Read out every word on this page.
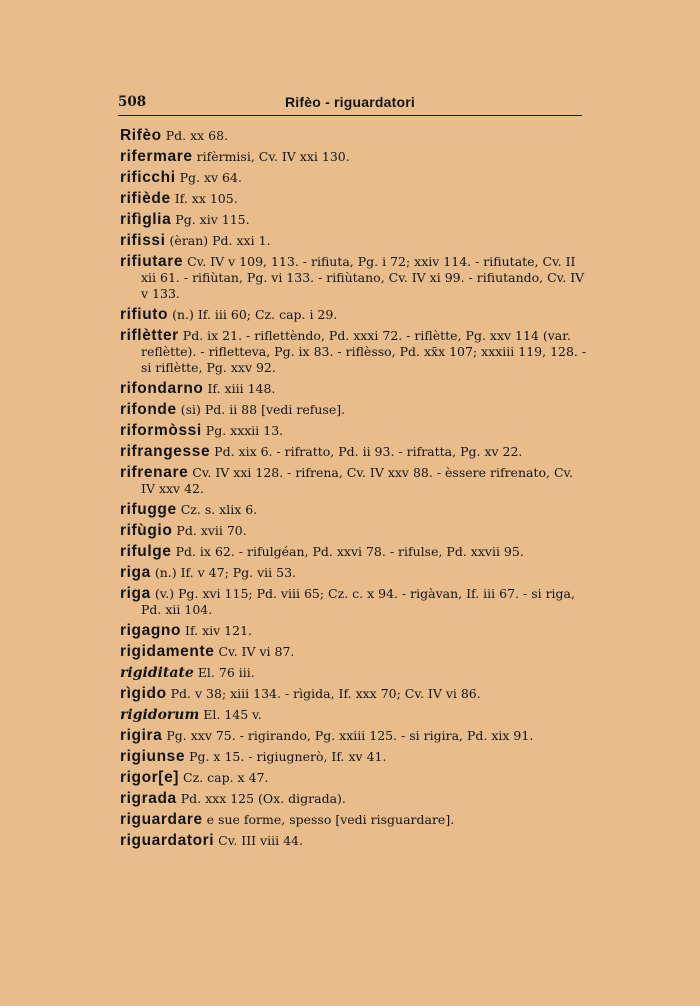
508	Rifèo - riguardatori
Rifèo Pd. xx 68.
rifermare rifèrmisi, Cv. IV xxi 130.
rificchi Pg. xv 64.
rifiède If. xx 105.
rifìglia Pg. xiv 115.
rifissi (èran) Pd. xxi 1.
rifiutare Cv. IV v 109, 113. - rifiuta, Pg. i 72; xxiv 114. - rifiutate, Cv. II xii 61. - rifiùtan, Pg. vi 133. - rifiùtano, Cv. IV xi 99. - rifiutando, Cv. IV v 133.
rifiuto (n.) If. iii 60; Cz. cap. i 29.
riflètter Pd. ix 21. - riflettèndo, Pd. xxxi 72. - riflètte, Pg. xxv 114 (var. reflètte). - rifletteva, Pg. ix 83. - riflèsso, Pd. xx̄x 107; xxxiii 119, 128. - si riflètte, Pg. xxv 92.
rifondarno If. xiii 148.
rifonde (si) Pd. ii 88 [vedi refuse].
riformòssi Pg. xxxii 13.
rifrangesse Pd. xix 6. - rifratto, Pd. ii 93. - rifratta, Pg. xv 22.
rifrenare Cv. IV xxi 128. - rifrena, Cv. IV xxv 88. - èssere rifrenato, Cv. IV xxv 42.
rifugge Cz. s. xlix 6.
rifùgio Pd. xvii 70.
rifulge Pd. ix 62. - rifulgéan, Pd. xxvi 78. - rifulse, Pd. xxvii 95.
riga (n.) If. v 47; Pg. vii 53.
riga (v.) Pg. xvi 115; Pd. viii 65; Cz. c. x 94. - rigàvan, If. iii 67. - si riga, Pd. xii 104.
rigagno If. xiv 121.
rigidamente Cv. IV vi 87.
rigiditate El. 76 iii.
rìgido Pd. v 38; xiii 134. - rìgida, If. xxx 70; Cv. IV vi 86.
rigidorum El. 145 v.
rigira Pg. xxv 75. - rigirando, Pg. xxiii 125. - si rigira, Pd. xix 91.
rigiunse Pg. x 15. - rigiugnerò, If. xv 41.
rigor[e] Cz. cap. x 47.
rigrada Pd. xxx 125 (Ox. digrada).
riguardare e sue forme, spesso [vedi risguardare].
riguardatori Cv. III viii 44.
